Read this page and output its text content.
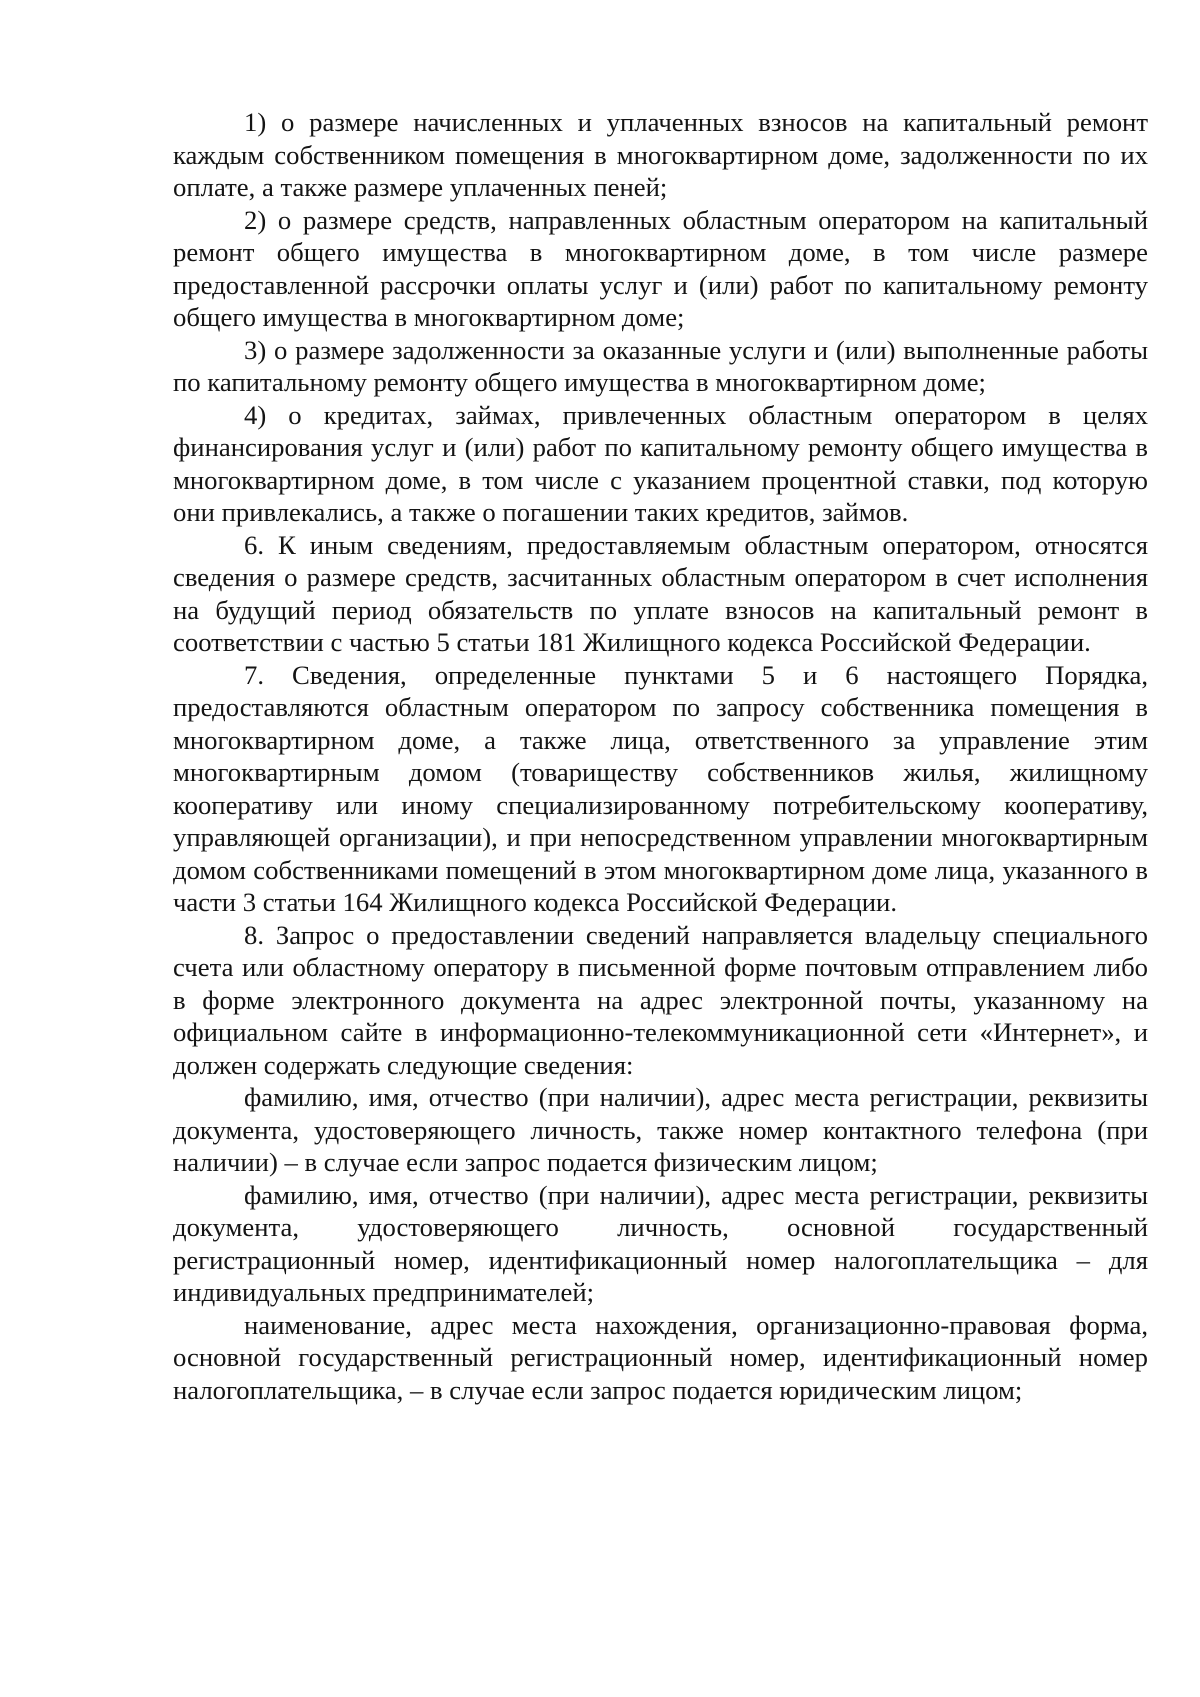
1) о размере начисленных и уплаченных взносов на капитальный ремонт каждым собственником помещения в многоквартирном доме, задолженности по их оплате, а также размере уплаченных пеней;

2) о размере средств, направленных областным оператором на капитальный ремонт общего имущества в многоквартирном доме, в том числе размере предоставленной рассрочки оплаты услуг и (или) работ по капитальному ремонту общего имущества в многоквартирном доме;

3) о размере задолженности за оказанные услуги и (или) выполненные работы по капитальному ремонту общего имущества в многоквартирном доме;

4) о кредитах, займах, привлеченных областным оператором в целях финансирования услуг и (или) работ по капитальному ремонту общего имущества в многоквартирном доме, в том числе с указанием процентной ставки, под которую они привлекались, а также о погашении таких кредитов, займов.

6. К иным сведениям, предоставляемым областным оператором, относятся сведения о размере средств, засчитанных областным оператором в счет исполнения на будущий период обязательств по уплате взносов на капитальный ремонт в соответствии с частью 5 статьи 181 Жилищного кодекса Российской Федерации.

7. Сведения, определенные пунктами 5 и 6 настоящего Порядка, предоставляются областным оператором по запросу собственника помещения в многоквартирном доме, а также лица, ответственного за управление этим многоквартирным домом (товариществу собственников жилья, жилищному кооперативу или иному специализированному потребительскому кооперативу, управляющей организации), и при непосредственном управлении многоквартирным домом собственниками помещений в этом многоквартирном доме лица, указанного в части 3 статьи 164 Жилищного кодекса Российской Федерации.

8. Запрос о предоставлении сведений направляется владельцу специального счета или областному оператору в письменной форме почтовым отправлением либо в форме электронного документа на адрес электронной почты, указанному на официальном сайте в информационно-телекоммуникационной сети «Интернет», и должен содержать следующие сведения:

фамилию, имя, отчество (при наличии), адрес места регистрации, реквизиты документа, удостоверяющего личность, также номер контактного телефона (при наличии) – в случае если запрос подается физическим лицом;

фамилию, имя, отчество (при наличии), адрес места регистрации, реквизиты документа, удостоверяющего личность, основной государственный регистрационный номер, идентификационный номер налогоплательщика – для индивидуальных предпринимателей;

наименование, адрес места нахождения, организационно-правовая форма, основной государственный регистрационный номер, идентификационный номер налогоплательщика, – в случае если запрос подается юридическим лицом;
